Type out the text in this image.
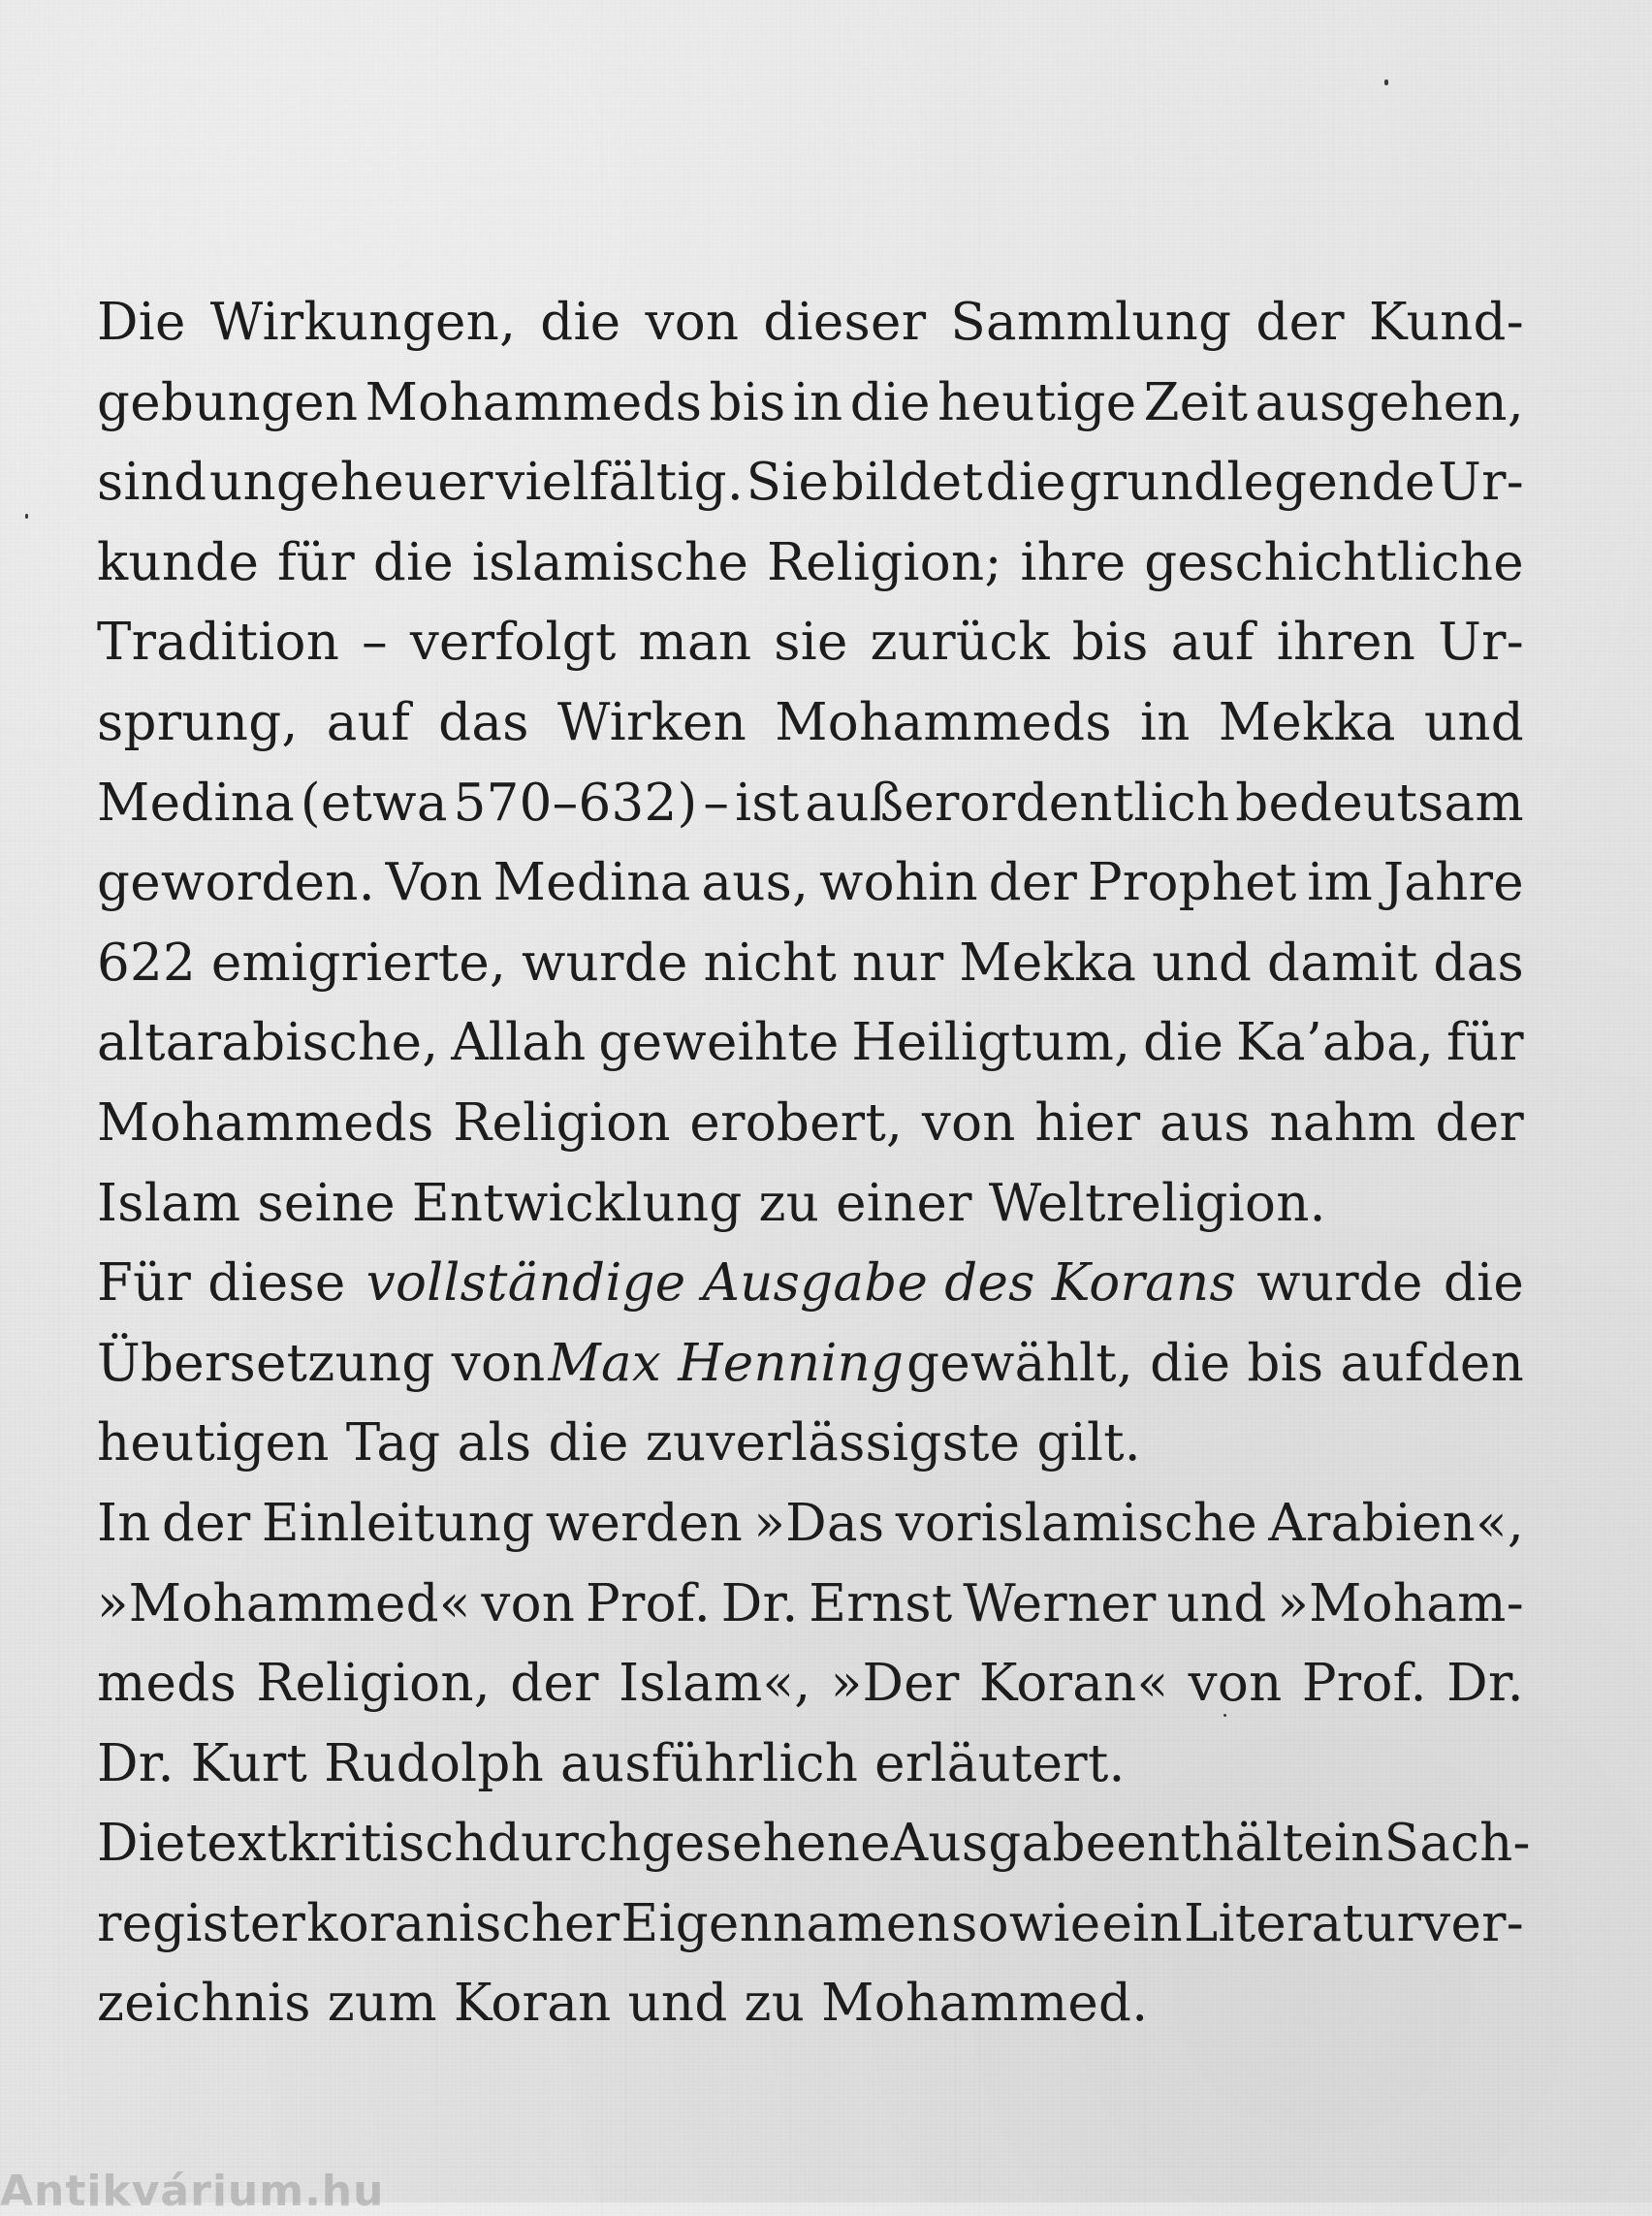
Die Wirkungen, die von dieser Sammlung der Kund-
gebungen Mohammeds bis in die heutige Zeit ausgehen,
sind ungeheuer vielfältig. Sie bildet die grundlegende Ur-
kunde für die islamische Religion; ihre geschichtliche
Tradition – verfolgt man sie zurück bis auf ihren Ur-
sprung, auf das Wirken Mohammeds in Mekka und
Medina (etwa 570–632) – ist außerordentlich bedeutsam
geworden. Von Medina aus, wohin der Prophet im Jahre
622 emigrierte, wurde nicht nur Mekka und damit das
altarabische, Allah geweihte Heiligtum, die Ka’aba, für
Mohammeds Religion erobert, von hier aus nahm der
Islam seine Entwicklung zu einer Weltreligion.
Für diese vollständige Ausgabe des Korans wurde die
Übersetzung von Max Henning gewählt, die bis auf den
heutigen Tag als die zuverlässigste gilt.
In der Einleitung werden »Das vorislamische Arabien«,
»Mohammed« von Prof. Dr. Ernst Werner und »Moham-
meds Religion, der Islam«, »Der Koran« von Prof. Dr.
Dr. Kurt Rudolph ausführlich erläutert.
Die textkritisch durchgesehene Ausgabe enthält ein Sach-
register koranischer Eigennamen sowie ein Literaturver-
zeichnis zum Koran und zu Mohammed.
Antikvárium.hu
